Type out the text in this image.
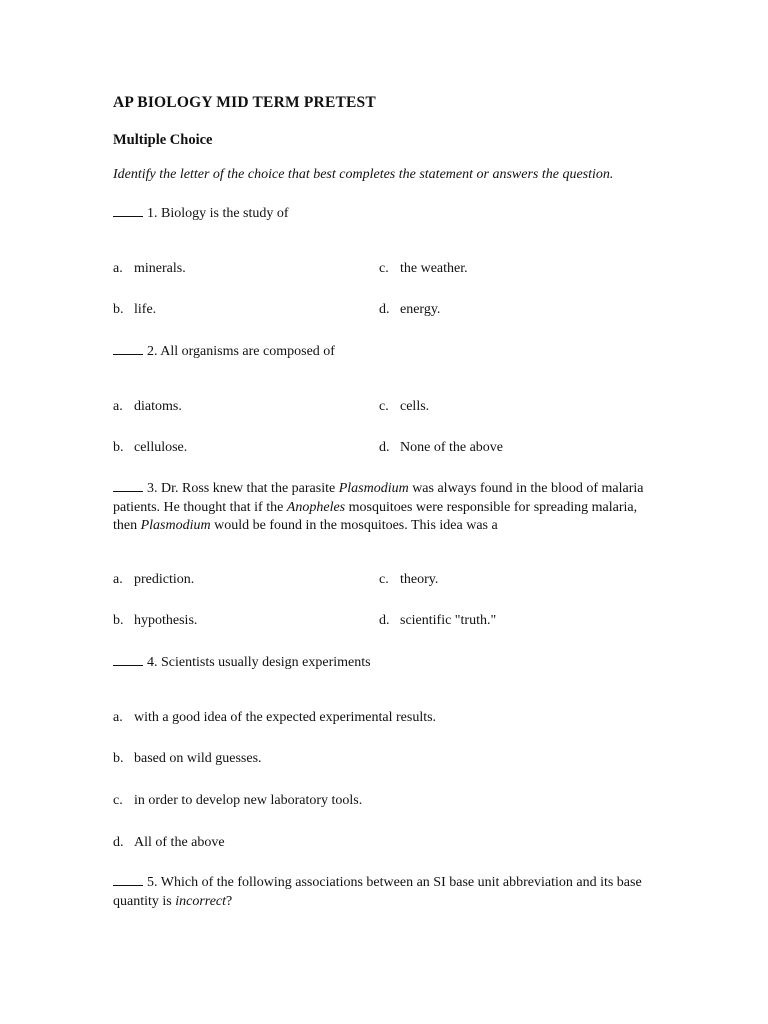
AP BIOLOGY MID TERM PRETEST
Multiple Choice
Identify the letter of the choice that best completes the statement or answers the question.
1. Biology is the study of
a. minerals.	c. the weather.
b. life.	d. energy.
2. All organisms are composed of
a. diatoms.	c. cells.
b. cellulose.	d. None of the above
3. Dr. Ross knew that the parasite Plasmodium was always found in the blood of malaria patients. He thought that if the Anopheles mosquitoes were responsible for spreading malaria, then Plasmodium would be found in the mosquitoes. This idea was a
a. prediction.	c. theory.
b. hypothesis.	d. scientific "truth."
4. Scientists usually design experiments
a. with a good idea of the expected experimental results.
b. based on wild guesses.
c. in order to develop new laboratory tools.
d. All of the above
5. Which of the following associations between an SI base unit abbreviation and its base quantity is incorrect?
